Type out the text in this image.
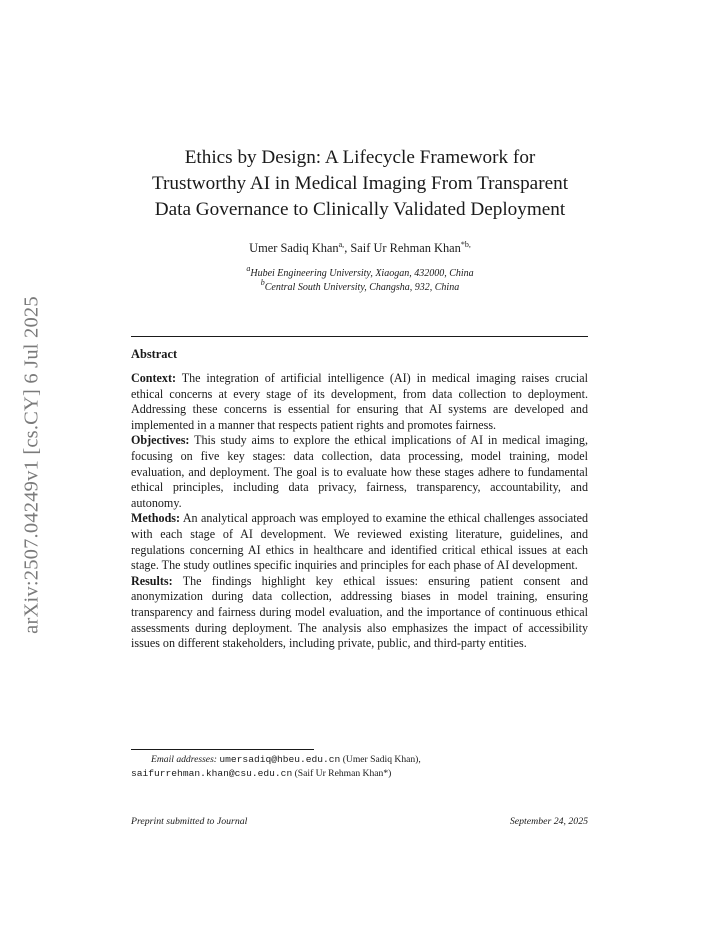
arXiv:2507.04249v1 [cs.CY] 6 Jul 2025
Ethics by Design: A Lifecycle Framework for
Trustworthy AI in Medical Imaging From Transparent
Data Governance to Clinically Validated Deployment
Umer Sadiq Khan$^{a,}$, Saif Ur Rehman Khan$^{*b,}$
$^a$Hubei Engineering University, Xiaogan, 432000, China
$^b$Central South University, Changsha, 932, China
Abstract

Context: The integration of artificial intelligence (AI) in medical imaging raises crucial ethical concerns at every stage of its development, from data collection to deployment. Addressing these concerns is essential for ensuring that AI systems are developed and implemented in a manner that respects patient rights and promotes fairness.

Objectives: This study aims to explore the ethical implications of AI in medical imaging, focusing on five key stages: data collection, data processing, model training, model evaluation, and deployment. The goal is to evaluate how these stages adhere to fundamental ethical principles, including data privacy, fairness, transparency, accountability, and autonomy.

Methods: An analytical approach was employed to examine the ethical challenges associated with each stage of AI development. We reviewed existing literature, guidelines, and regulations concerning AI ethics in healthcare and identified critical ethical issues at each stage. The study outlines specific inquiries and principles for each phase of AI development.

Results: The findings highlight key ethical issues: ensuring patient consent and anonymization during data collection, addressing biases in model training, ensuring transparency and fairness during model evaluation, and the importance of continuous ethical assessments during deployment. The analysis also emphasizes the impact of accessibility issues on different stakeholders, including private, public, and third-party entities.

Email addresses: umersadiq@hbeu.edu.cn (Umer Sadiq Khan),
saifurrehman.khan@csu.edu.cn (Saif Ur Rehman Khan*)
Preprint submitted to Journal	September 24, 2025
